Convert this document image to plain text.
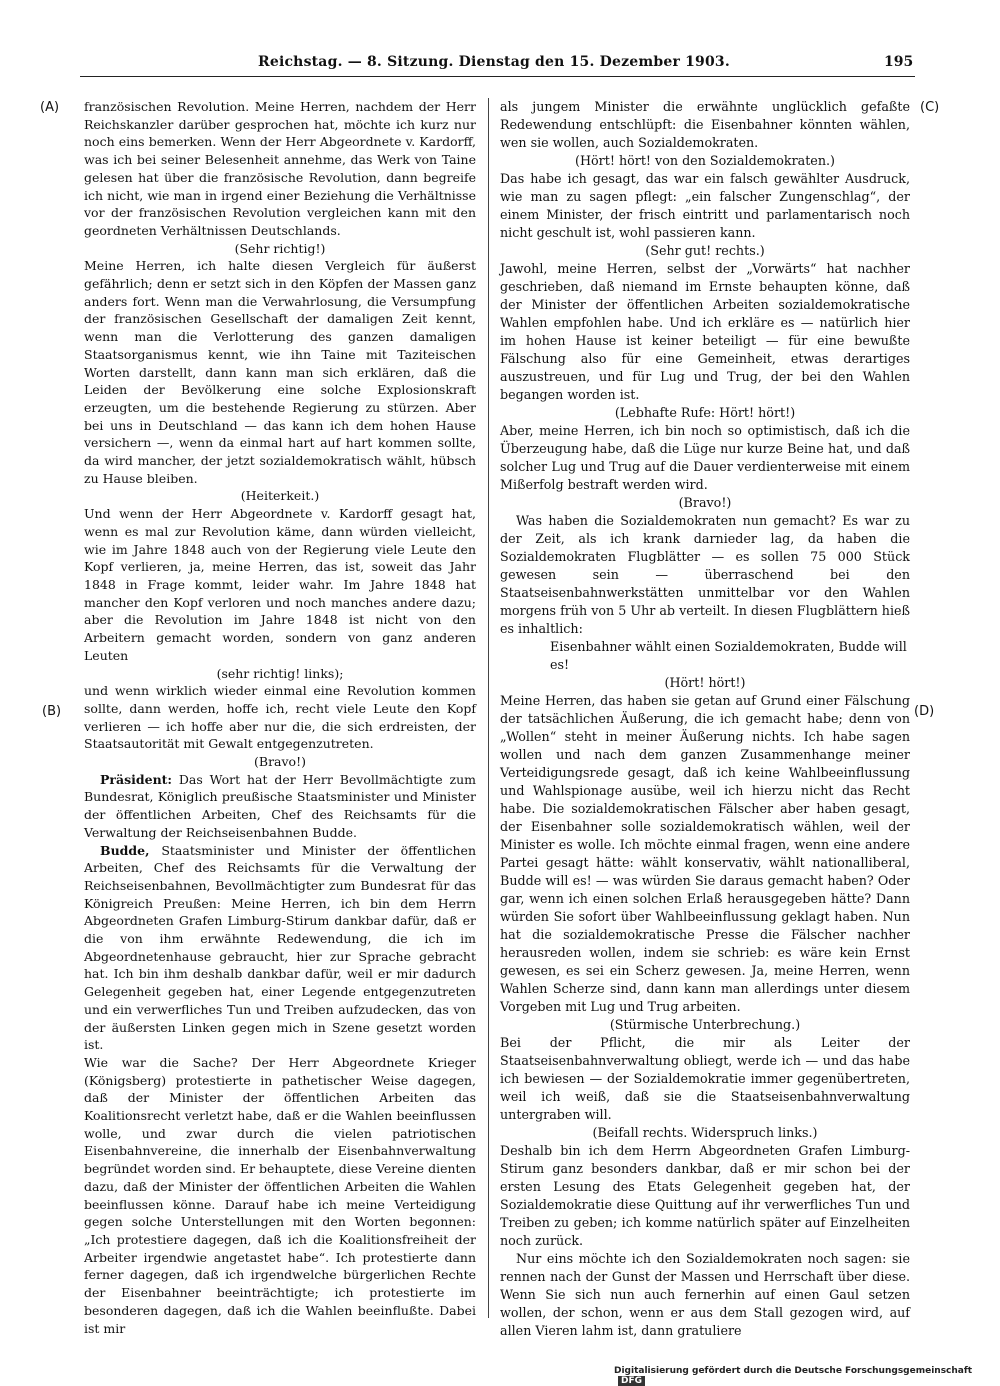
Reichstag. — 8. Sitzung. Dienstag den 15. Dezember 1903.	195
(A)
(B)
(C)
(D)

französischen Revolution. Meine Herren, nachdem der Herr Reichskanzler darüber gesprochen hat, möchte ich kurz nur noch eins bemerken. Wenn der Herr Abgeordnete v. Kardorff, was ich bei seiner Belesenheit annehme, das Werk von Taine gelesen hat über die französische Revolution, dann begreife ich nicht, wie man in irgend einer Beziehung die Verhältnisse vor der französischen Revolution vergleichen kann mit den geordneten Verhältnissen Deutschlands.

(Sehr richtig!)

Meine Herren, ich halte diesen Vergleich für äußerst gefährlich; denn er setzt sich in den Köpfen der Massen ganz anders fort. Wenn man die Verwahrlosung, die Versumpfung der französischen Gesellschaft der damaligen Zeit kennt, wenn man die Verlotterung des ganzen damaligen Staatsorganismus kennt, wie ihn Taine mit Taziteischen Worten darstellt, dann kann man sich erklären, daß die Leiden der Bevölkerung eine solche Explosionskraft erzeugten, um die bestehende Regierung zu stürzen. Aber bei uns in Deutschland — das kann ich dem hohen Hause versichern —, wenn da einmal hart auf hart kommen sollte, da wird mancher, der jetzt sozialdemokratisch wählt, hübsch zu Hause bleiben.

(Heiterkeit.)

Und wenn der Herr Abgeordnete v. Kardorff gesagt hat, wenn es mal zur Revolution käme, dann würden vielleicht, wie im Jahre 1848 auch von der Regierung viele Leute den Kopf verlieren, ja, meine Herren, das ist, soweit das Jahr 1848 in Frage kommt, leider wahr. Im Jahre 1848 hat mancher den Kopf verloren und noch manches andere dazu; aber die Revolution im Jahre 1848 ist nicht von den Arbeitern gemacht worden, sondern von ganz anderen Leuten

(sehr richtig! links);

und wenn wirklich wieder einmal eine Revolution kommen sollte, dann werden, hoffe ich, recht viele Leute den Kopf verlieren — ich hoffe aber nur die, die sich erdreisten, der Staatsautorität mit Gewalt entgegenzutreten.

(Bravo!)

Präsident: Das Wort hat der Herr Bevollmächtigte zum Bundesrat, Königlich preußische Staatsminister und Minister der öffentlichen Arbeiten, Chef des Reichsamts für die Verwaltung der Reichseisenbahnen Budde.

Budde, Staatsminister und Minister der öffentlichen Arbeiten, Chef des Reichsamts für die Verwaltung der Reichseisenbahnen, Bevollmächtigter zum Bundesrat für das Königreich Preußen: Meine Herren, ich bin dem Herrn Abgeordneten Grafen Limburg-Stirum dankbar dafür, daß er die von ihm erwähnte Redewendung, die ich im Abgeordnetenhause gebraucht, hier zur Sprache gebracht hat. Ich bin ihm deshalb dankbar dafür, weil er mir dadurch Gelegenheit gegeben hat, einer Legende entgegenzutreten und ein verwerfliches Tun und Treiben aufzudecken, das von der äußersten Linken gegen mich in Szene gesetzt worden ist.

Wie war die Sache? Der Herr Abgeordnete Krieger (Königsberg) protestierte in pathetischer Weise dagegen, daß der Minister der öffentlichen Arbeiten das Koalitionsrecht verletzt habe, daß er die Wahlen beeinflussen wolle, und zwar durch die vielen patriotischen Eisenbahnvereine, die innerhalb der Eisenbahnverwaltung begründet worden sind. Er behauptete, diese Vereine dienten dazu, daß der Minister der öffentlichen Arbeiten die Wahlen beeinflussen könne. Darauf habe ich meine Verteidigung gegen solche Unterstellungen mit den Worten begonnen: „Ich protestiere dagegen, daß ich die Koalitionsfreiheit der Arbeiter irgendwie angetastet habe“. Ich protestierte dann ferner dagegen, daß ich irgendwelche bürgerlichen Rechte der Eisenbahner beeinträchtigte; ich protestierte im besonderen dagegen, daß ich die Wahlen beeinflußte. Dabei ist mir

als jungem Minister die erwähnte unglücklich gefaßte Redewendung entschlüpft: die Eisenbahner könnten wählen, wen sie wollen, auch Sozialdemokraten.

(Hört! hört! von den Sozialdemokraten.)

Das habe ich gesagt, das war ein falsch gewählter Ausdruck, wie man zu sagen pflegt: „ein falscher Zungenschlag“, der einem Minister, der frisch eintritt und parlamentarisch noch nicht geschult ist, wohl passieren kann.

(Sehr gut! rechts.)

Jawohl, meine Herren, selbst der „Vorwärts“ hat nachher geschrieben, daß niemand im Ernste behaupten könne, daß der Minister der öffentlichen Arbeiten sozialdemokratische Wahlen empfohlen habe. Und ich erkläre es — natürlich hier im hohen Hause ist keiner beteiligt — für eine bewußte Fälschung also für eine Gemeinheit, etwas derartiges auszustreuen, und für Lug und Trug, der bei den Wahlen begangen worden ist.

(Lebhafte Rufe: Hört! hört!)

Aber, meine Herren, ich bin noch so optimistisch, daß ich die Überzeugung habe, daß die Lüge nur kurze Beine hat, und daß solcher Lug und Trug auf die Dauer verdienterweise mit einem Mißerfolg bestraft werden wird.

(Bravo!)

Was haben die Sozialdemokraten nun gemacht? Es war zu der Zeit, als ich krank darnieder lag, da haben die Sozialdemokraten Flugblätter — es sollen 75 000 Stück gewesen sein — überraschend bei den Staatseisenbahnwerkstätten unmittelbar vor den Wahlen morgens früh von 5 Uhr ab verteilt. In diesen Flugblättern hieß es inhaltlich:

Eisenbahner wählt einen Sozialdemokraten, Budde will es!

(Hört! hört!)

Meine Herren, das haben sie getan auf Grund einer Fälschung der tatsächlichen Äußerung, die ich gemacht habe; denn von „Wollen“ steht in meiner Äußerung nichts. Ich habe sagen wollen und nach dem ganzen Zusammenhange meiner Verteidigungsrede gesagt, daß ich keine Wahlbeeinflussung und Wahlspionage ausübe, weil ich hierzu nicht das Recht habe. Die sozialdemokratischen Fälscher aber haben gesagt, der Eisenbahner solle sozialdemokratisch wählen, weil der Minister es wolle. Ich möchte einmal fragen, wenn eine andere Partei gesagt hätte: wählt konservativ, wählt nationalliberal, Budde will es! — was würden Sie daraus gemacht haben? Oder gar, wenn ich einen solchen Erlaß herausgegeben hätte? Dann würden Sie sofort über Wahlbeeinflussung geklagt haben. Nun hat die sozialdemokratische Presse die Fälscher nachher herausreden wollen, indem sie schrieb: es wäre kein Ernst gewesen, es sei ein Scherz gewesen. Ja, meine Herren, wenn Wahlen Scherze sind, dann kann man allerdings unter diesem Vorgeben mit Lug und Trug arbeiten.

(Stürmische Unterbrechung.)

Bei der Pflicht, die mir als Leiter der Staatseisenbahnverwaltung obliegt, werde ich — und das habe ich bewiesen — der Sozialdemokratie immer gegenübertreten, weil ich weiß, daß sie die Staatseisenbahnverwaltung untergraben will.

(Beifall rechts. Widerspruch links.)

Deshalb bin ich dem Herrn Abgeordneten Grafen Limburg-Stirum ganz besonders dankbar, daß er mir schon bei der ersten Lesung des Etats Gelegenheit gegeben hat, der Sozialdemokratie diese Quittung auf ihr verwerfliches Tun und Treiben zu geben; ich komme natürlich später auf Einzelheiten noch zurück.

Nur eins möchte ich den Sozialdemokraten noch sagen: sie rennen nach der Gunst der Massen und Herrschaft über diese. Wenn Sie sich nun auch fernerhin auf einen Gaul setzen wollen, der schon, wenn er aus dem Stall gezogen wird, auf allen Vieren lahm ist, dann gratuliere

Digitalisierung gefördert durch die Deutsche Forschungsgemeinschaft DFG
